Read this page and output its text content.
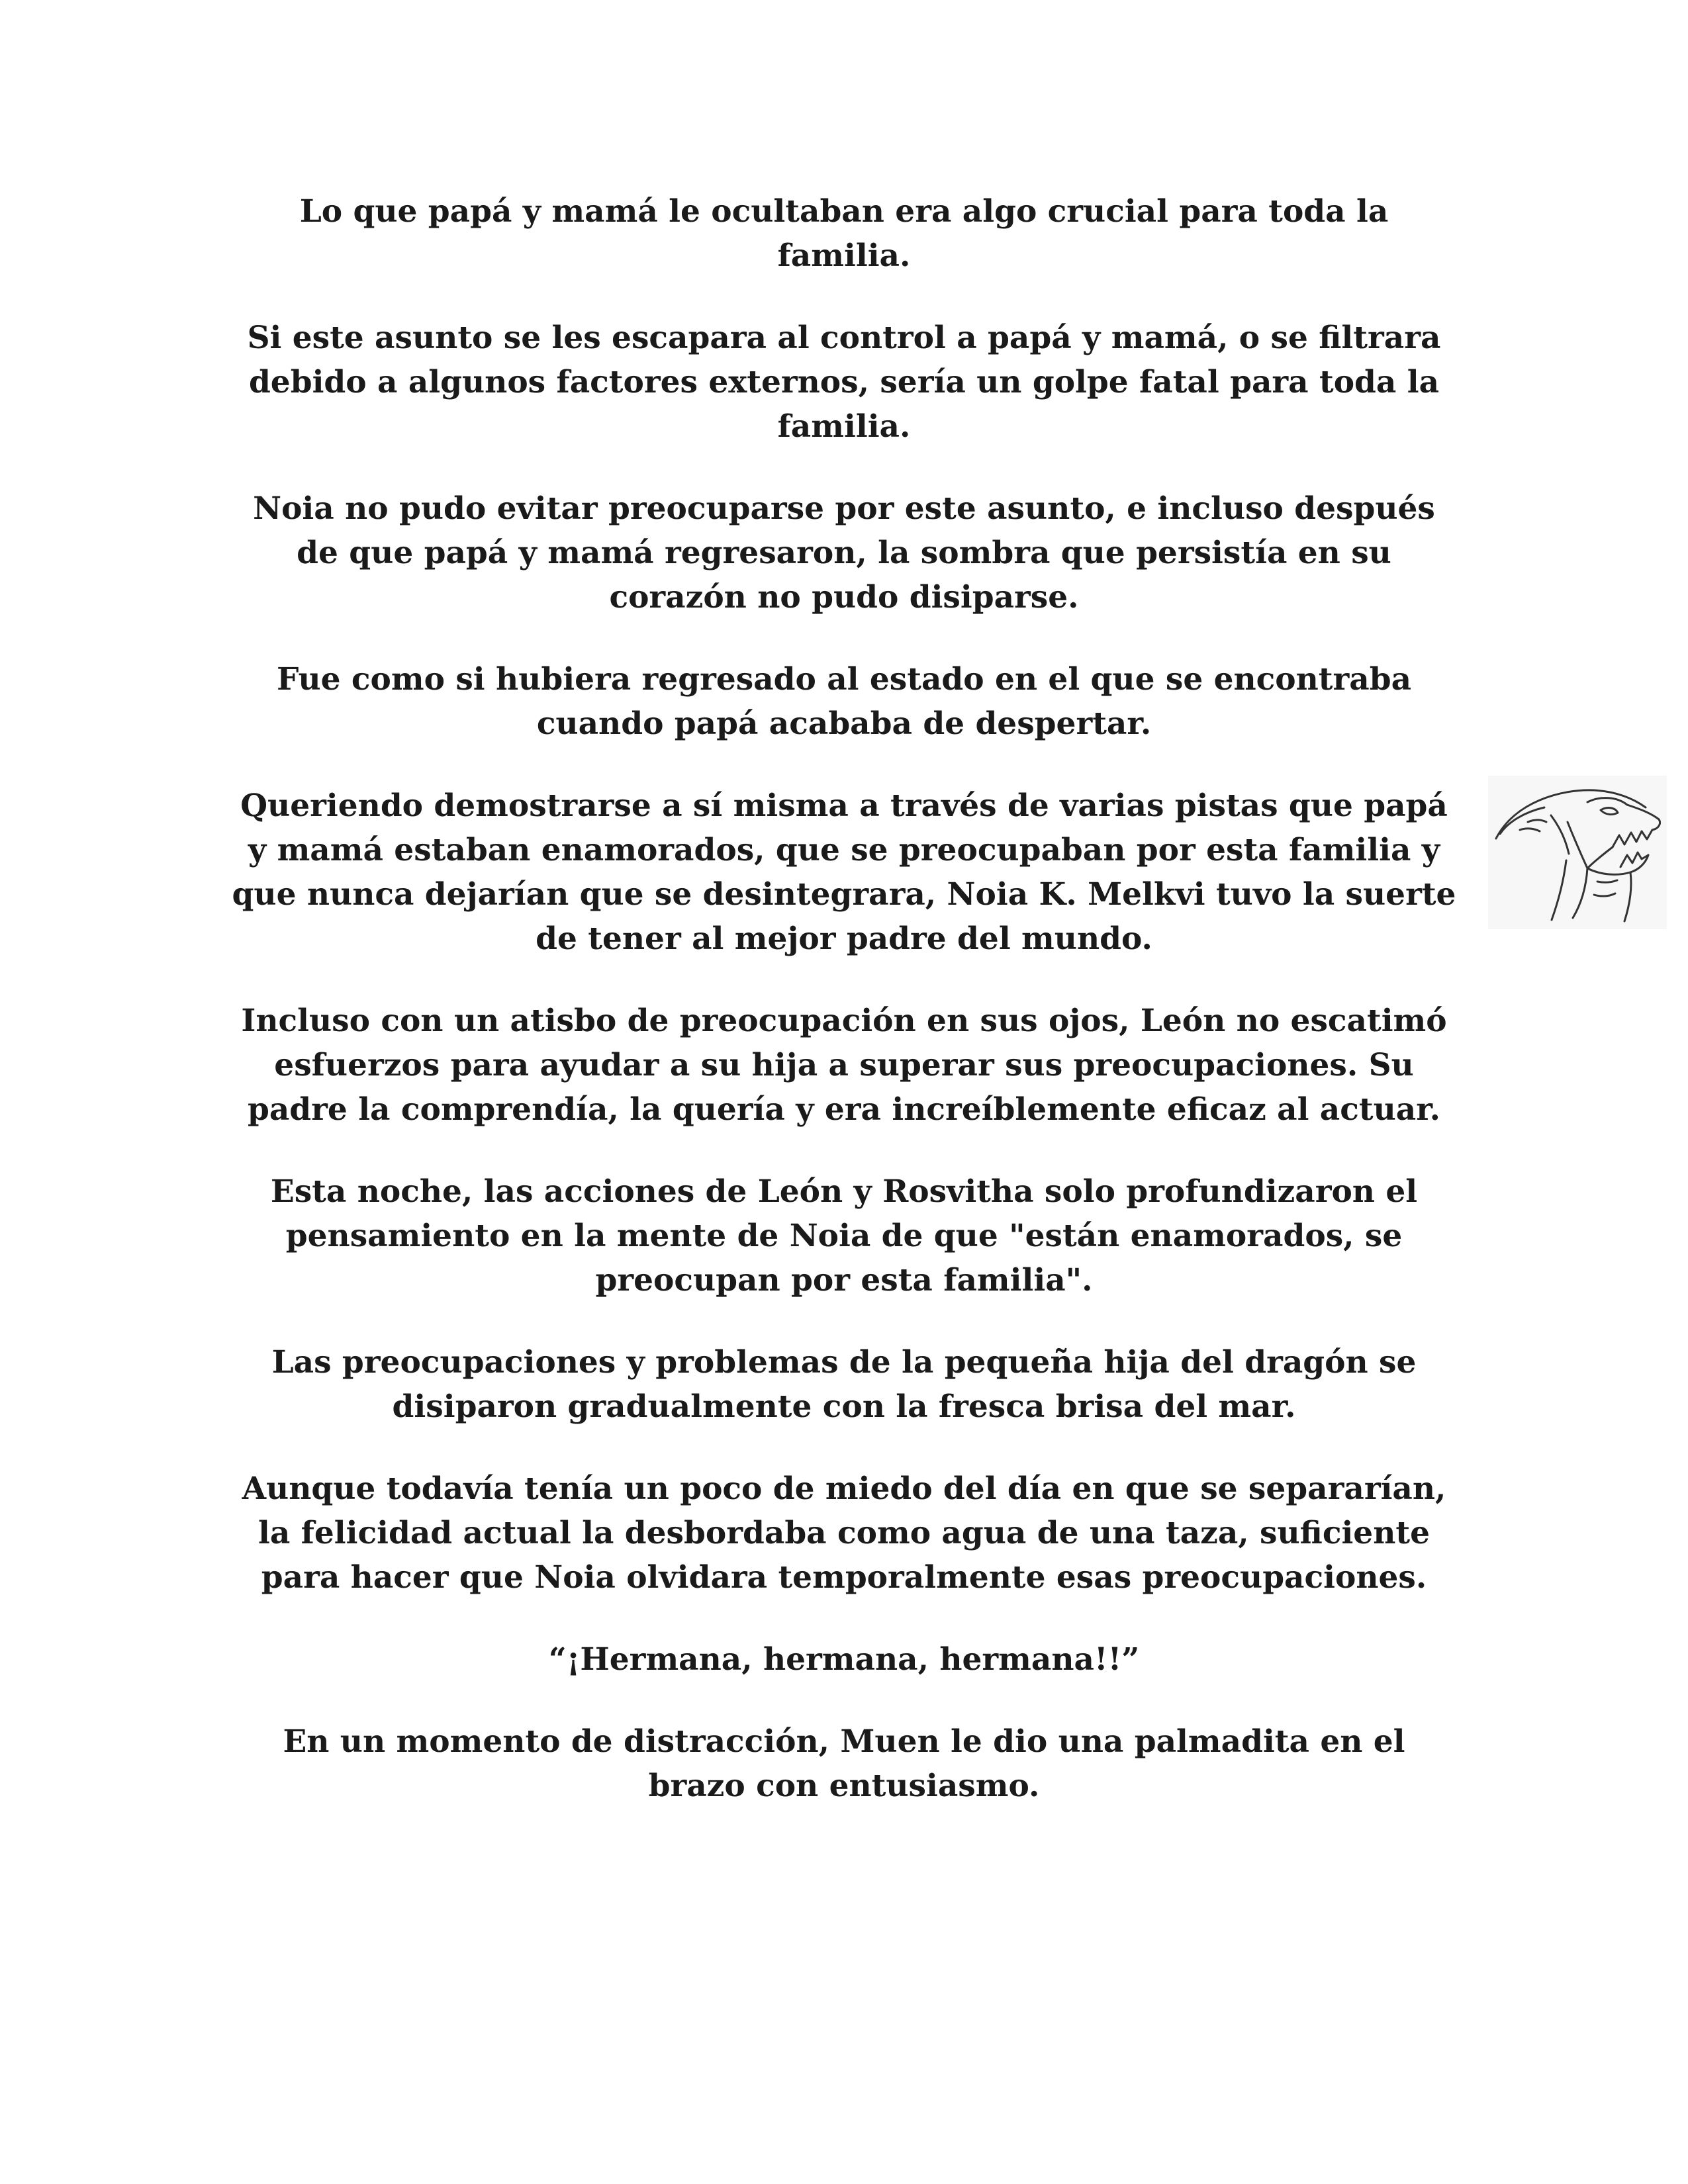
Lo que papá y mamá le ocultaban era algo crucial para toda la familia.

Si este asunto se les escapara al control a papá y mamá, o se filtrara debido a algunos factores externos, sería un golpe fatal para toda la familia.

Noia no pudo evitar preocuparse por este asunto, e incluso después de que papá y mamá regresaron, la sombra que persistía en su corazón no pudo disiparse.

Fue como si hubiera regresado al estado en el que se encontraba cuando papá acababa de despertar.

Queriendo demostrarse a sí misma a través de varias pistas que papá y mamá estaban enamorados, que se preocupaban por esta familia y que nunca dejarían que se desintegrara, Noia K. Melkvi tuvo la suerte de tener al mejor padre del mundo.

Incluso con un atisbo de preocupación en sus ojos, León no escatimó esfuerzos para ayudar a su hija a superar sus preocupaciones. Su padre la comprendía, la quería y era increíblemente eficaz al actuar.

Esta noche, las acciones de León y Rosvitha solo profundizaron el pensamiento en la mente de Noia de que "están enamorados, se preocupan por esta familia".

Las preocupaciones y problemas de la pequeña hija del dragón se disiparon gradualmente con la fresca brisa del mar.

Aunque todavía tenía un poco de miedo del día en que se separarían, la felicidad actual la desbordaba como agua de una taza, suficiente para hacer que Noia olvidara temporalmente esas preocupaciones.

“¡Hermana, hermana, hermana!!”

En un momento de distracción, Muen le dio una palmadita en el brazo con entusiasmo.
